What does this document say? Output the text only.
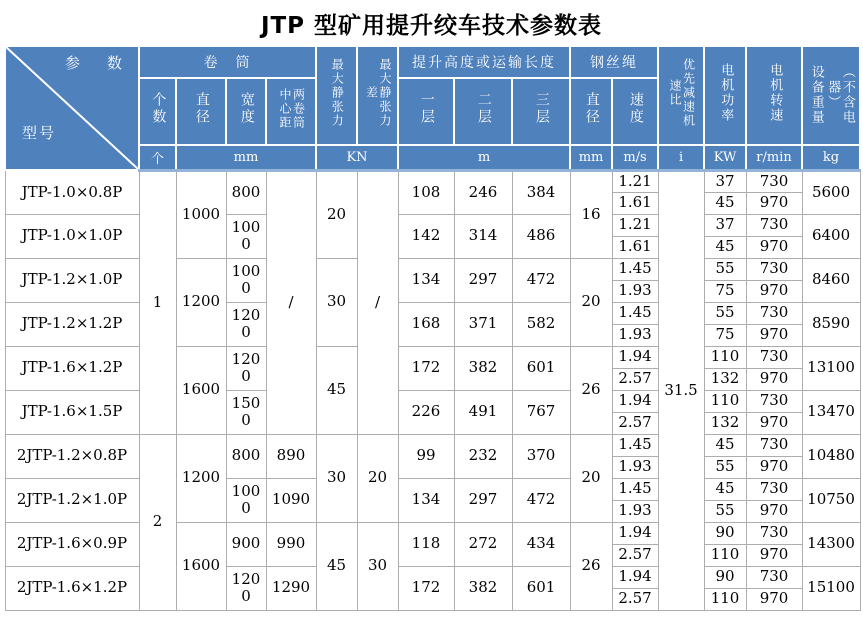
JTP 型矿用提升绞车技术参数表
参　数
型号	卷　筒				最大静张力	最大静张力差	提升高度或运输长度			钢丝绳		优先减速机速比	电机功率	电机转速	设备重量 （不含电器）

	个数	直径	宽度	两卷筒中心距			一层	二层	三层	直径	速度				
	个	mm			KN		m			mm	m/s	i	KW	r/min	kg
JTP-1.0×0.8P	1	1000	800	/	20	/	108	246	384	16	1.21	31.5	37	730	5600
											1.61		45	970	
JTP-1.0×1.0P			1000				142	314	486		1.21		37	730	6400
											1.61		45	970	
JTP-1.2×1.0P		1200	1000		30		134	297	472	20	1.45		55	730	8460
											1.93		75	970	
JTP-1.2×1.2P			1200				168	371	582		1.45		55	730	8590
											1.93		75	970	
JTP-1.6×1.2P		1600	1200		45		172	382	601	26	1.94		110	730	13100
											2.57		132	970	
JTP-1.6×1.5P			1500				226	491	767		1.94		110	730	13470
											2.57		132	970	
2JTP-1.2×0.8P	2	1200	800	890	30	20	99	232	370	20	1.45		45	730	10480
											1.93		55	970	
2JTP-1.2×1.0P			1000	1090			134	297	472		1.45		45	730	10750
											1.93		55	970	
2JTP-1.6×0.9P		1600	900	990	45	30	118	272	434	26	1.94		90	730	14300
											2.57		110	970	
2JTP-1.6×1.2P			1200	1290			172	382	601		1.94		90	730	15100
											2.57		110	970	
